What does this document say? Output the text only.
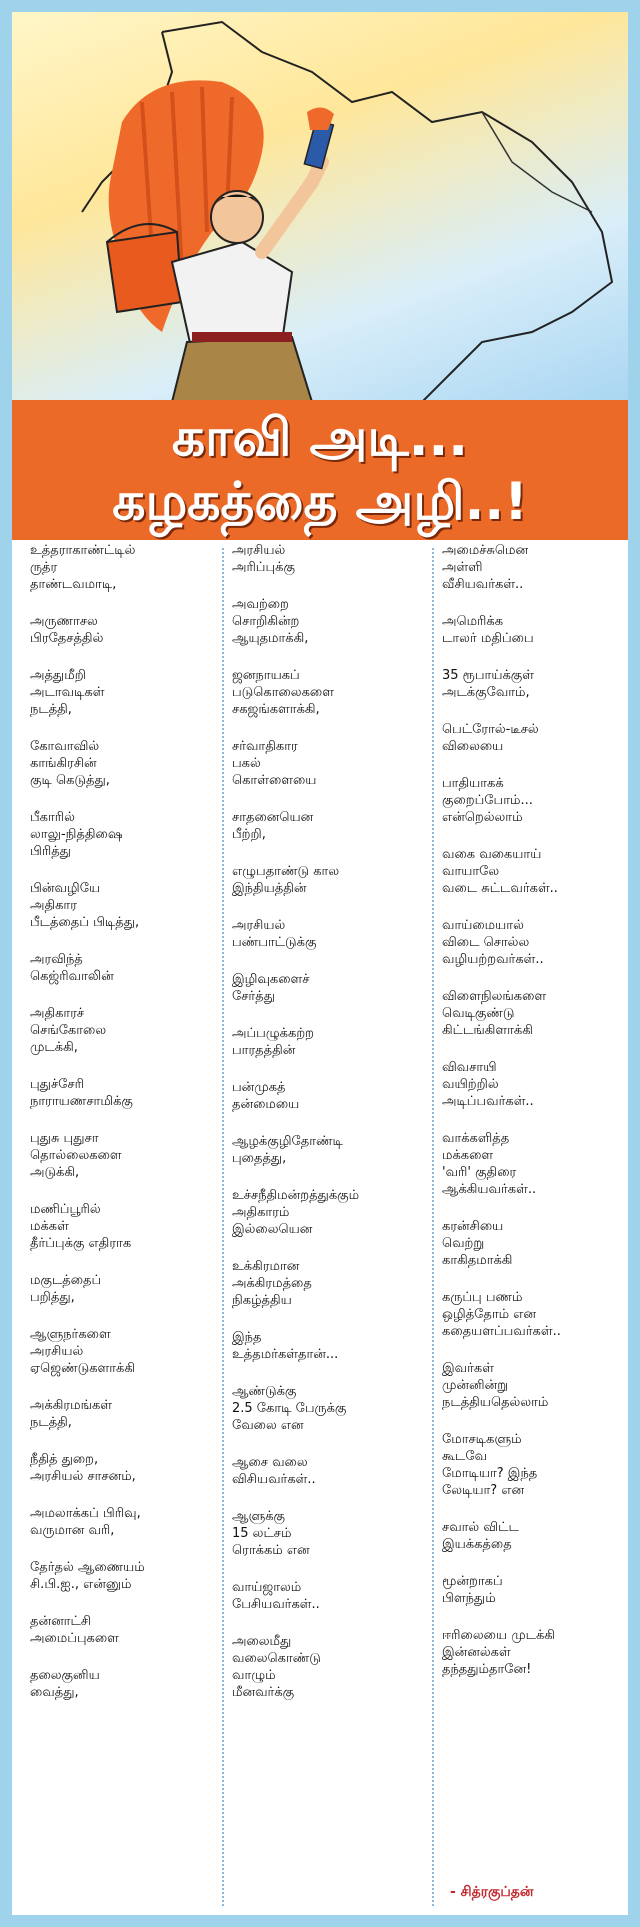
காவி அடி...
கழகத்தை அழி..!
உத்தராகாண்ட்டில்
ருத்ர
தாண்டவமாடி,
அருணாசல
பிரதேசத்தில்
அத்துமீறி
அடாவடிகள்
நடத்தி,
கோவாவில்
காங்கிரசின்
குடி கெடுத்து,
பீகாரில்
லாலு-நித்திஷை
பிரித்து
பின்வழியே
அதிகார
பீடத்தைப் பிடித்து,
அரவிந்த்
கெஜ்ரிவாலின்
அதிகாரச்
செங்கோலை
முடக்கி,
புதுச்சேரி
நாராயணசாமிக்கு
புதுசு புதுசா
தொல்லைகளை
அடுக்கி,
மணிப்பூரில்
மக்கள்
தீர்ப்புக்கு எதிராக
மகுடத்தைப்
பறித்து,
ஆளுநர்களை
அரசியல்
ஏஜெண்டுகளாக்கி
அக்கிரமங்கள்
நடத்தி,
நீதித் துறை,
அரசியல் சாசனம்,
அமலாக்கப் பிரிவு,
வருமான வரி,
தேர்தல் ஆணையம்
சி.பி.ஐ., என்னும்
தன்னாட்சி
அமைப்புகளை
தலைகுனிய
வைத்து,
அரசியல்
அரிப்புக்கு
அவற்றை
சொறிகின்ற
ஆயுதமாக்கி,
ஜனநாயகப்
படுகொலைகளை
சகஜங்களாக்கி,
சர்வாதிகார
பகல்
கொள்ளையை
சாதனையென
பீற்றி,
எழுபதாண்டு கால
இந்தியத்தின்
அரசியல்
பண்பாட்டுக்கு
இழிவுகளைச்
சேர்த்து
அப்பழுக்கற்ற
பாரதத்தின்
பன்முகத்
தன்மையை
ஆழக்குழிதோண்டி
புதைத்து,
உச்சநீதிமன்றத்துக்கும்
அதிகாரம்
இல்லையென
உக்கிரமான
அக்கிரமத்தை
நிகழ்த்திய
இந்த
உத்தமர்கள்தான்...
ஆண்டுக்கு
2.5 கோடி பேருக்கு
வேலை என
ஆசை வலை
விசியவர்கள்..
ஆளுக்கு
15 லட்சம்
ரொக்கம் என
வாய்ஜாலம்
பேசியவர்கள்..
அலைமீது
வலைகொண்டு
வாழும்
மீனவர்க்கு
அமைச்சுமென
அள்ளி
வீசியவர்கள்..
அமெரிக்க
டாலர் மதிப்பை
35 ரூபாய்க்குள்
அடக்குவோம்,
பெட்ரோல்-டீசல்
விலையை
பாதியாகக்
குறைப்போம்...
என்றெல்லாம்
வகை வகையாய்
வாயாலே
வடை சுட்டவர்கள்..
வாய்மையால்
விடை சொல்ல
வழியற்றவர்கள்..
விளைநிலங்களை
வெடிகுண்டு
கிட்டங்கிளாக்கி
விவசாயி
வயிற்றில்
அடிப்பவர்கள்..
வாக்களித்த
மக்களை
'வரி' குதிரை
ஆக்கியவர்கள்..
கரன்சியை
வெற்று
காகிதமாக்கி
கருப்பு பணம்
ஒழித்தோம் என
கதையளப்பவர்கள்..
இவர்கள்
முன்னின்று
நடத்தியதெல்லாம்
மோசடிகளும்
கூடவே
மோடியா? இந்த
லேடியா? என
சவால் விட்ட
இயக்கத்தை
மூன்றாகப்
பிளந்தும்
ஈரிலையை முடக்கி
இன்னல்கள்
தந்ததும்தானே!
- சித்ரகுப்தன்
